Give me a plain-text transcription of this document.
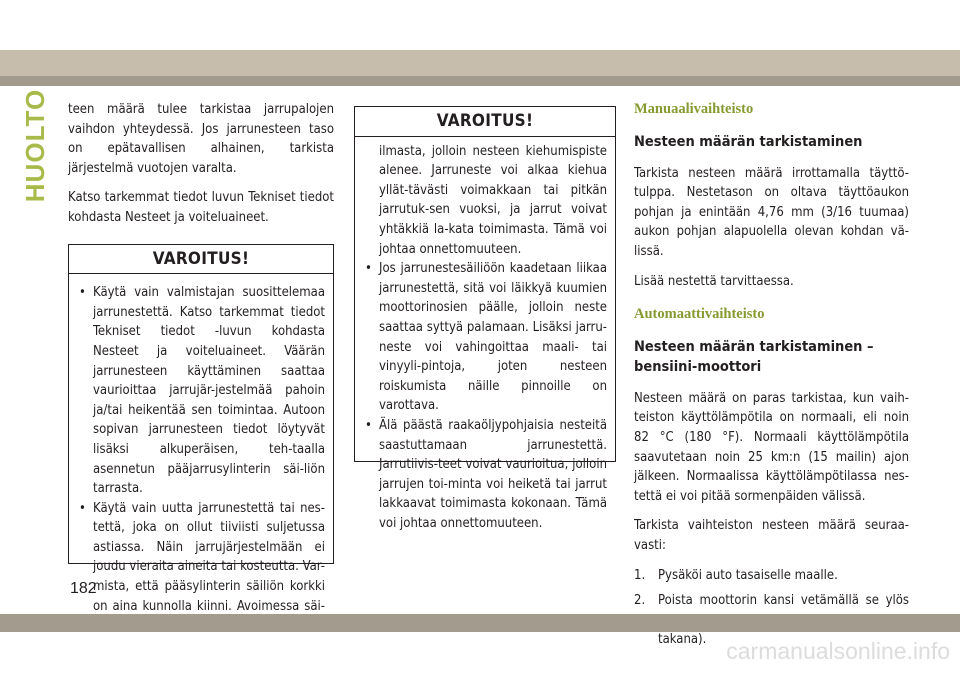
HUOLTO teen määrä tulee tarkistaa jarrupalojen vaihdon yhteydessä. Jos jarrunesteen taso on epätavallisen alhainen, tarkista järjestelmä vuotojen varalta.

Katso tarkemmat tiedot luvun Tekniset tiedot kohdasta Nesteet ja voiteluaineet.

VAROITUS!
• Käytä vain valmistajan suosittelemaa jarrunestettä. Katso tarkemmat tiedot Tekniset tiedot -luvun kohdasta Nesteet ja voiteluaineet. Väärän jarrunesteen käyttäminen saattaa vaurioittaa jarrujär-jestelmää pahoin ja/tai heikentää sen toimintaa. Autoon sopivan jarrunesteen tiedot löytyvät lisäksi alkuperäisen, teh-taalla asennetun pääjarrusylinterin säi-liön tarrasta.
• Käytä vain uutta jarrunestettä tai nes-tettä, joka on ollut tiiviisti suljetussa astiassa. Näin jarrujärjestelmään ei joudu vieraita aineita tai kosteutta. Var-mista, että pääsylinterin säiliön korkki on aina kunnolla kiinni. Avoimessa säi-
VAROITUS!

ilmasta, jolloin nesteen kiehumispiste alenee. Jarruneste voi alkaa kiehua yllät-tävästi voimakkaan tai pitkän jarrutuk-sen vuoksi, ja jarrut voivat yhtäkkiä la-kata toimimasta. Tämä voi johtaa onnettomuuteen.

• Jos jarrunestesäiliöön kaadetaan liikaa jarrunestettä, sitä voi läikkyä kuumien moottorinosien päälle, jolloin neste saattaa syttyä palamaan. Lisäksi jarru-neste voi vahingoittaa maali- tai vinyyli-pintoja, joten nesteen roiskumista näille pinnoille on varottava.
• Älä päästä raakaöljypohjaisia nesteitä saastuttamaan jarrunestettä. Jarrutiivis-teet voivat vaurioitua, jolloin jarrujen toi-minta voi heiketä tai jarrut lakkaavat toimimasta kokonaan. Tämä voi johtaa onnettomuuteen.
Manuaalivaihteisto
Nesteen määrän tarkistaminen

Tarkista nesteen määrä irrottamalla täyttö-tulppa. Nestetason on oltava täyttöaukon pohjan ja enintään 4,76 mm (3/16 tuumaa) aukon pohjan alapuolella olevan kohdan vä-lissä.

Lisää nestettä tarvittaessa.

Automaattivaihteisto
Nesteen määrän tarkistaminen – bensiini-moottori

Nesteen määrä on paras tarkistaa, kun vaih-teiston käyttölämpötila on normaali, eli noin 82 °C (180 °F). Normaali käyttölämpötila saavutetaan noin 25 km:n (15 mailin) ajon jälkeen. Normaalissa käyttölämpötilassa nes-tettä ei voi pitää sormenpäiden välissä.

Tarkista vaihteiston nesteen määrä seuraa-vasti:

1. Pysäköi auto tasaiselle maalle.
2. Poista moottorin kansi vetämällä se ylös takana).
182
carmanualsonline.info
